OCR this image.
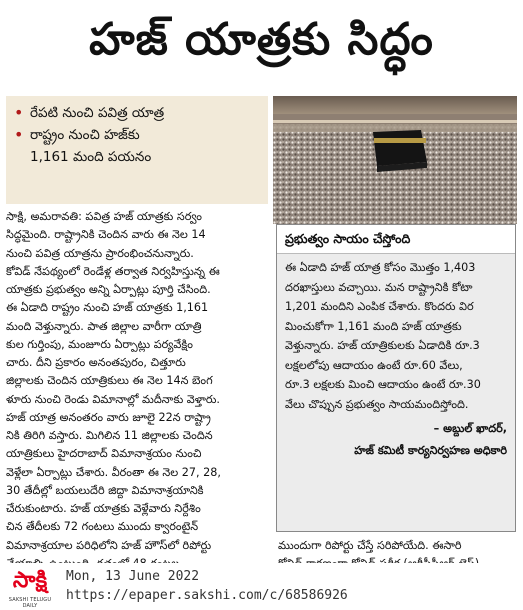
హజ్ యాత్రకు సిద్ధం
• రేపటి నుంచి పవిత్ర యాత్ర
• రాష్ట్రం నుంచి హజ్‌కు
1,161 మంది పయనం
సాక్షి, అమరావతి: పవిత్ర హజ్ యాత్రకు సర్వం
సిద్ధమైంది. రాష్ట్రానికి చెందిన వారు ఈ నెల 14
నుంచి పవిత్ర యాత్రను ప్రారంభించనున్నారు.
కోవిడ్ నేపథ్యంలో రెండేళ్ల తర్వాత నిర్వహిస్తున్న ఈ
యాత్రకు ప్రభుత్వం అన్ని ఏర్పాట్లు పూర్తి చేసింది.
ఈ ఏడాది రాష్ట్రం నుంచి హజ్ యాత్రకు 1,161
మంది వెళ్తున్నారు. పాత జిల్లాల వారీగా యాత్రి
కుల గుర్తింపు, మంజూరు ఏర్పాట్లు పర్యవేక్షిం
చారు. దీని ప్రకారం అనంతపురం, చిత్తూరు
జిల్లాలకు చెందిన యాత్రికులు ఈ నెల 14న బెంగ
ళూరు నుంచి రెండు విమానాల్లో మదీనాకు వెళ్తారు.
హజ్ యాత్ర అనంతరం వారు జూలై 22న రాష్ట్రా
నికి తిరిగి వస్తారు. మిగిలిన 11 జిల్లాలకు చెందిన
యాత్రికులు హైదరాబాద్ విమానాశ్రయం నుంచి
వెళ్లేలా ఏర్పాట్లు చేశారు. వీరంతా ఈ నెల 27, 28,
30 తేదీల్లో బయలుదేరి జిద్దా విమానాశ్రయానికి
చేరుకుంటారు. హజ్ యాత్రకు వెళ్లేవారు నిర్దేశిం
చిన తేదీలకు 72 గంటలు ముందు క్వారంటైన్
విమానాశ్రయాల పరిధిలోని హజ్ హౌస్‌లో రిపోర్టు
ప్రభుత్వం సాయం చేస్తోంది
ఈ ఏడాది హజ్ యాత్ర కోసం మొత్తం 1,403
దరఖాస్తులు వచ్చాయి. మన రాష్ట్రానికి కోటా
1,201 మందిని ఎంపిక చేశారు. కొందరు విర
మించుకోగా 1,161 మంది హజ్ యాత్రకు
వెళ్తున్నారు. హజ్ యాత్రికులకు ఏడాదికి రూ.3
లక్షలలోపు ఆదాయం ఉంటే రూ.60 వేలు,
రూ.3 లక్షలకు మించి ఆదాయం ఉంటే రూ.30
వేలు చొప్పున ప్రభుత్వం సాయమందిస్తోంది.
– అబ్దుల్ ఖాదర్,
హజ్ కమిటీ కార్యనిర్వహణ అధికారి
ముందుగా రిపోర్టు చేస్తే సరిపోయేది. ఈసారి
సాక్షి
SAKSHI TELUGU DAILY
Mon, 13 June 2022
https://epaper.sakshi.com/c/68586926
